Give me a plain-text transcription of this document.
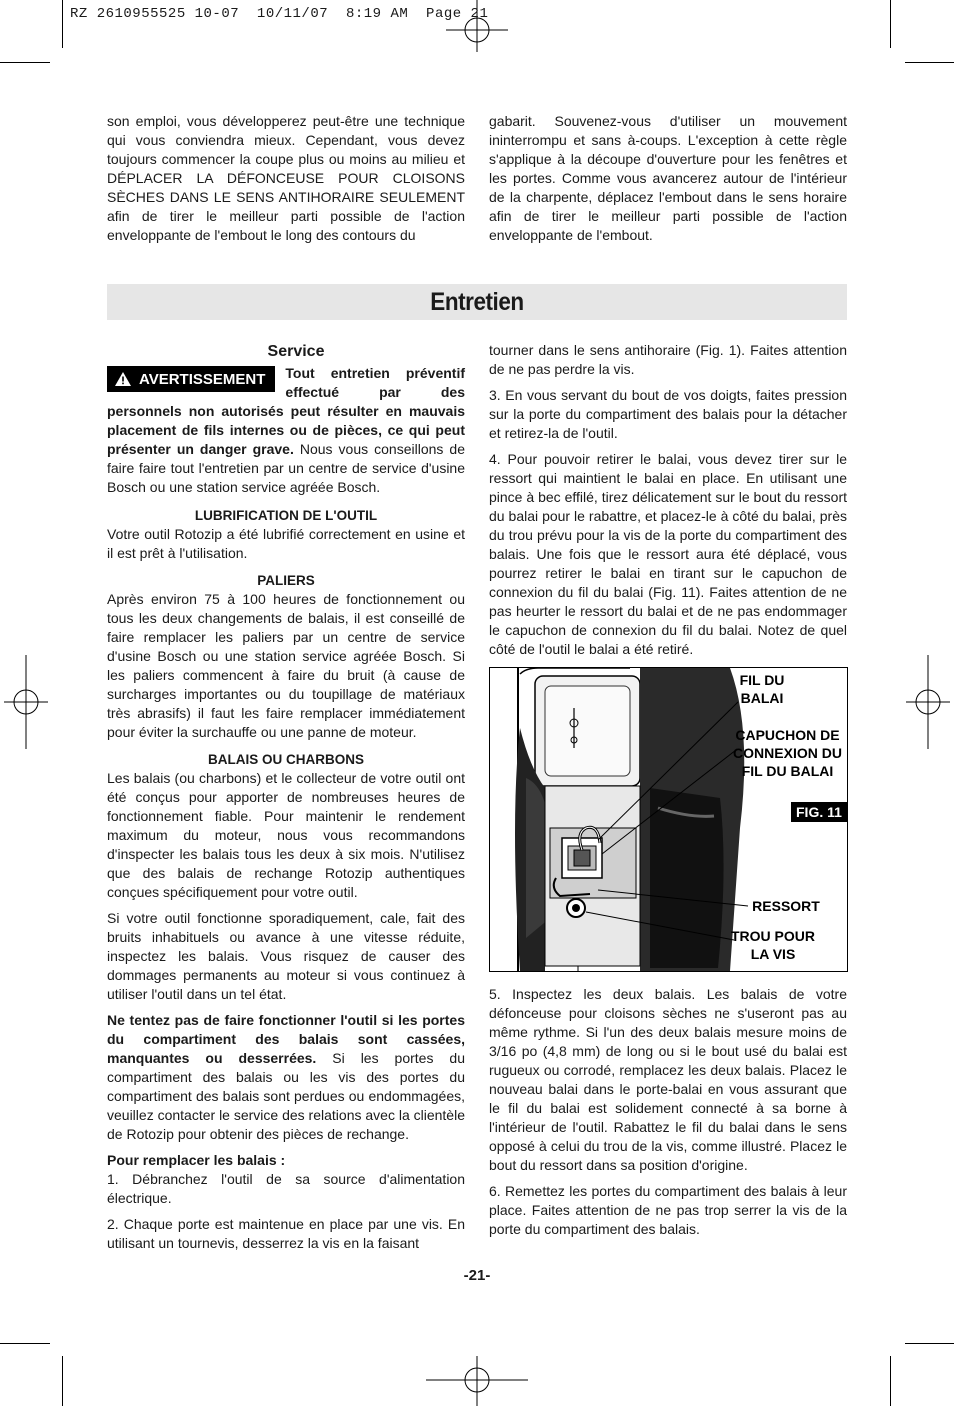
RZ 2610955525 10-07  10/11/07  8:19 AM  Page 21

son emploi, vous développerez peut-être une technique qui vous conviendra mieux. Cependant, vous devez toujours commencer la coupe plus ou moins au milieu et DÉPLACER LA DÉFONCEUSE POUR CLOISONS SÈCHES DANS LE SENS ANTIHORAIRE SEULEMENT afin de tirer le meilleur parti possible de l'action enveloppante de l'embout le long des contours du

gabarit. Souvenez-vous d'utiliser un mouvement ininterrompu et sans à-coups. L'exception à cette règle s'applique à la découpe d'ouverture pour les fenêtres et les portes. Comme vous avancerez autour de l'intérieur de la charpente, déplacez l'embout dans le sens horaire afin de tirer le meilleur parti possible de l'action enveloppante de l'embout.

Entretien

Service

AVERTISSEMENT Tout entretien préventif effectué par des personnels non autorisés peut résulter en mauvais placement de fils internes ou de pièces, ce qui peut présenter un danger grave. Nous vous conseillons de faire faire tout l'entretien par un centre de service d'usine Bosch ou une station service agréée Bosch.

LUBRIFICATION DE L'OUTIL

Votre outil Rotozip a été lubrifié correctement en usine et il est prêt à l'utilisation.

PALIERS

Après environ 75 à 100 heures de fonctionnement ou tous les deux changements de balais, il est conseillé de faire remplacer les paliers par un centre de service d'usine Bosch ou une station service agréée Bosch. Si les paliers commencent à faire du bruit (à cause de surcharges importantes ou du toupillage de matériaux très abrasifs) il faut les faire remplacer immédiatement pour éviter la surchauffe ou une panne de moteur.

BALAIS OU CHARBONS

Les balais (ou charbons) et le collecteur de votre outil ont été conçus pour apporter de nombreuses heures de fonctionnement fiable. Pour maintenir le rendement maximum du moteur, nous vous recommandons d'inspecter les balais tous les deux à six mois. N'utilisez que des balais de rechange Rotozip authentiques conçues spécifiquement pour votre outil.

Si votre outil fonctionne sporadiquement, cale, fait des bruits inhabituels ou avance à une vitesse réduite, inspectez les balais. Vous risquez de causer des dommages permanents au moteur si vous continuez à utiliser l'outil dans un tel état.

Ne tentez pas de faire fonctionner l'outil si les portes du compartiment des balais sont cassées, manquantes ou desserrées. Si les portes du compartiment des balais ou les vis des portes du compartiment des balais sont perdues ou endommagées, veuillez contacter le service des relations avec la clientèle de Rotozip pour obtenir des pièces de rechange.

Pour remplacer les balais :

1. Débranchez l'outil de sa source d'alimentation électrique.

2. Chaque porte est maintenue en place par une vis. En utilisant un tournevis, desserrez la vis en la faisant

tourner dans le sens antihoraire (Fig. 1). Faites attention de ne pas perdre la vis.

3. En vous servant du bout de vos doigts, faites pression sur la porte du compartiment des balais pour la détacher et retirez-la de l'outil.

4. Pour pouvoir retirer le balai, vous devez tirer sur le ressort qui maintient le balai en place. En utilisant une pince à bec effilé, tirez délicatement sur le bout du ressort du balai pour le rabattre, et placez-le à côté du balai, près du trou prévu pour la vis de la porte du compartiment des balais. Une fois que le ressort aura été déplacé, vous pourrez retirer le balai en tirant sur le capuchon de connexion du fil du balai (Fig. 11). Faites attention de ne pas heurter le ressort du balai et de ne pas endommager le capuchon de connexion du fil du balai. Notez de quel côté de l'outil le balai a été retiré.

FIL DU BALAI
CAPUCHON DE CONNEXION DU FIL DU BALAI
FIG. 11
RESSORT
TROU POUR LA VIS

5. Inspectez les deux balais. Les balais de votre défonceuse pour cloisons sèches ne s'useront pas au même rythme. Si l'un des deux balais mesure moins de 3/16 po (4,8 mm) de long ou si le bout usé du balai est rugueux ou corrodé, remplacez les deux balais. Placez le nouveau balai dans le porte-balai en vous assurant que le fil du balai est solidement connecté à sa borne à l'intérieur de l'outil. Rabattez le fil du balai dans le sens opposé à celui du trou de la vis, comme illustré. Placez le bout du ressort dans sa position d'origine.

6. Remettez les portes du compartiment des balais à leur place. Faites attention de ne pas trop serrer la vis de la porte du compartiment des balais.

-21-
